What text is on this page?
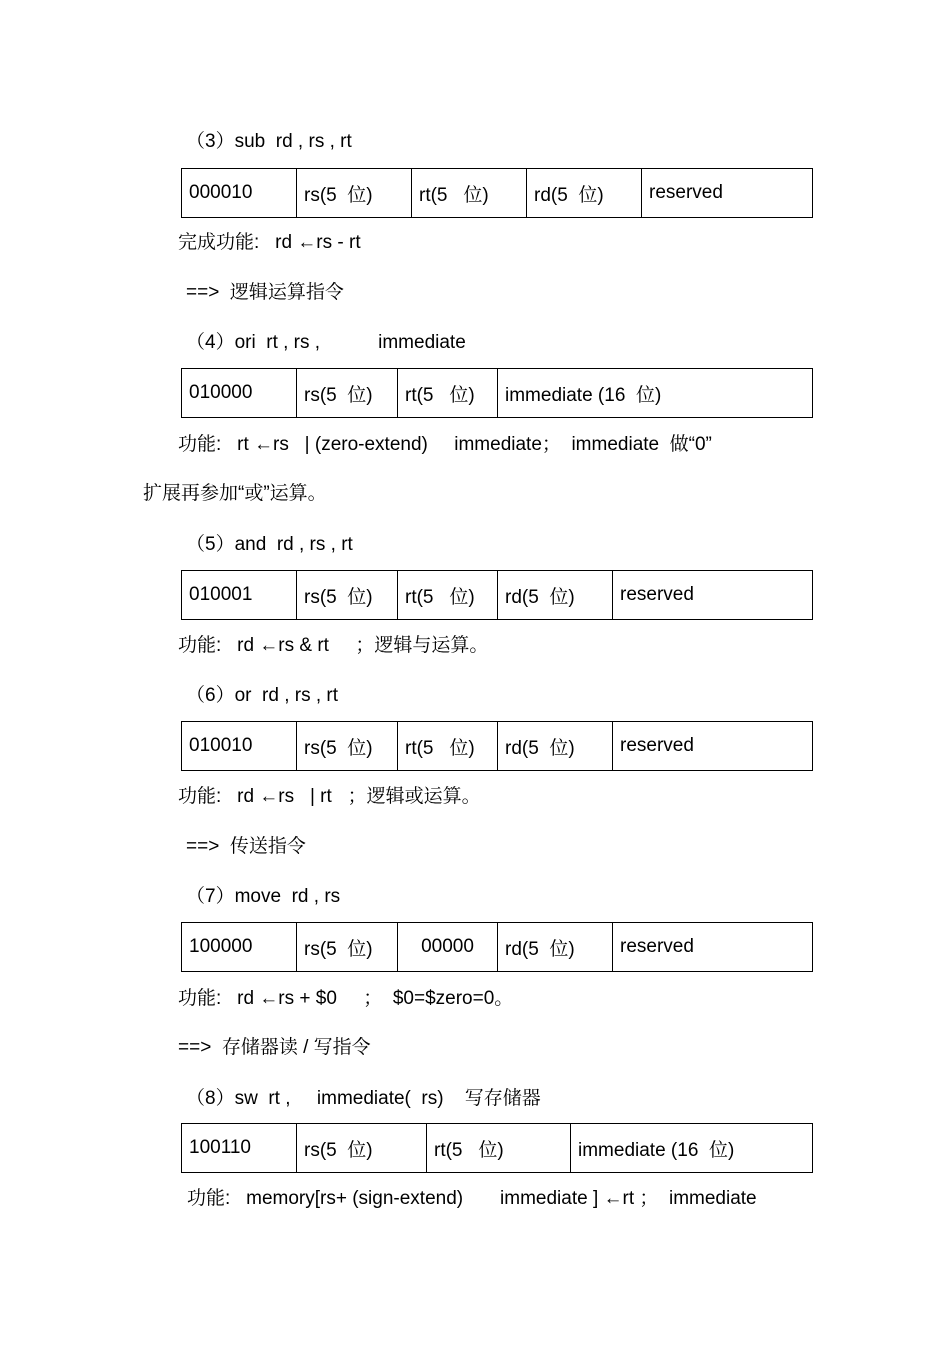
（3）sub  rd , rs , rt
000010	rs(5  位)	rt(5   位)	rd(5  位)	reserved
完成功能:   rd ←rs - rt
==>  逻辑运算指令
（4）ori  rt , rs ,           immediate
010000	rs(5  位)	rt(5   位)	immediate (16  位)
功能:   rt ←rs   | (zero-extend)     immediate；  immediate  做“0”
扩展再参加“或”运算。
（5）and  rd , rs , rt
010001	rs(5  位)	rt(5   位)	rd(5  位)	reserved
功能:   rd ←rs & rt     ；逻辑与运算。
（6）or  rd , rs , rt
010010	rs(5  位)	rt(5   位)	rd(5  位)	reserved
功能:   rd ←rs   | rt   ；逻辑或运算。
==>  传送指令
（7）move  rd , rs
100000	rs(5  位)	00000	rd(5  位)	reserved
功能:   rd ←rs + $0     ；  $0=$zero=0。
==>  存储器读 / 写指令
（8）sw  rt ,     immediate(  rs)    写存储器
100110	rs(5  位)	rt(5   位)	immediate (16  位)
功能:   memory[rs+ (sign-extend)       immediate ] ←rt ；  immediate
